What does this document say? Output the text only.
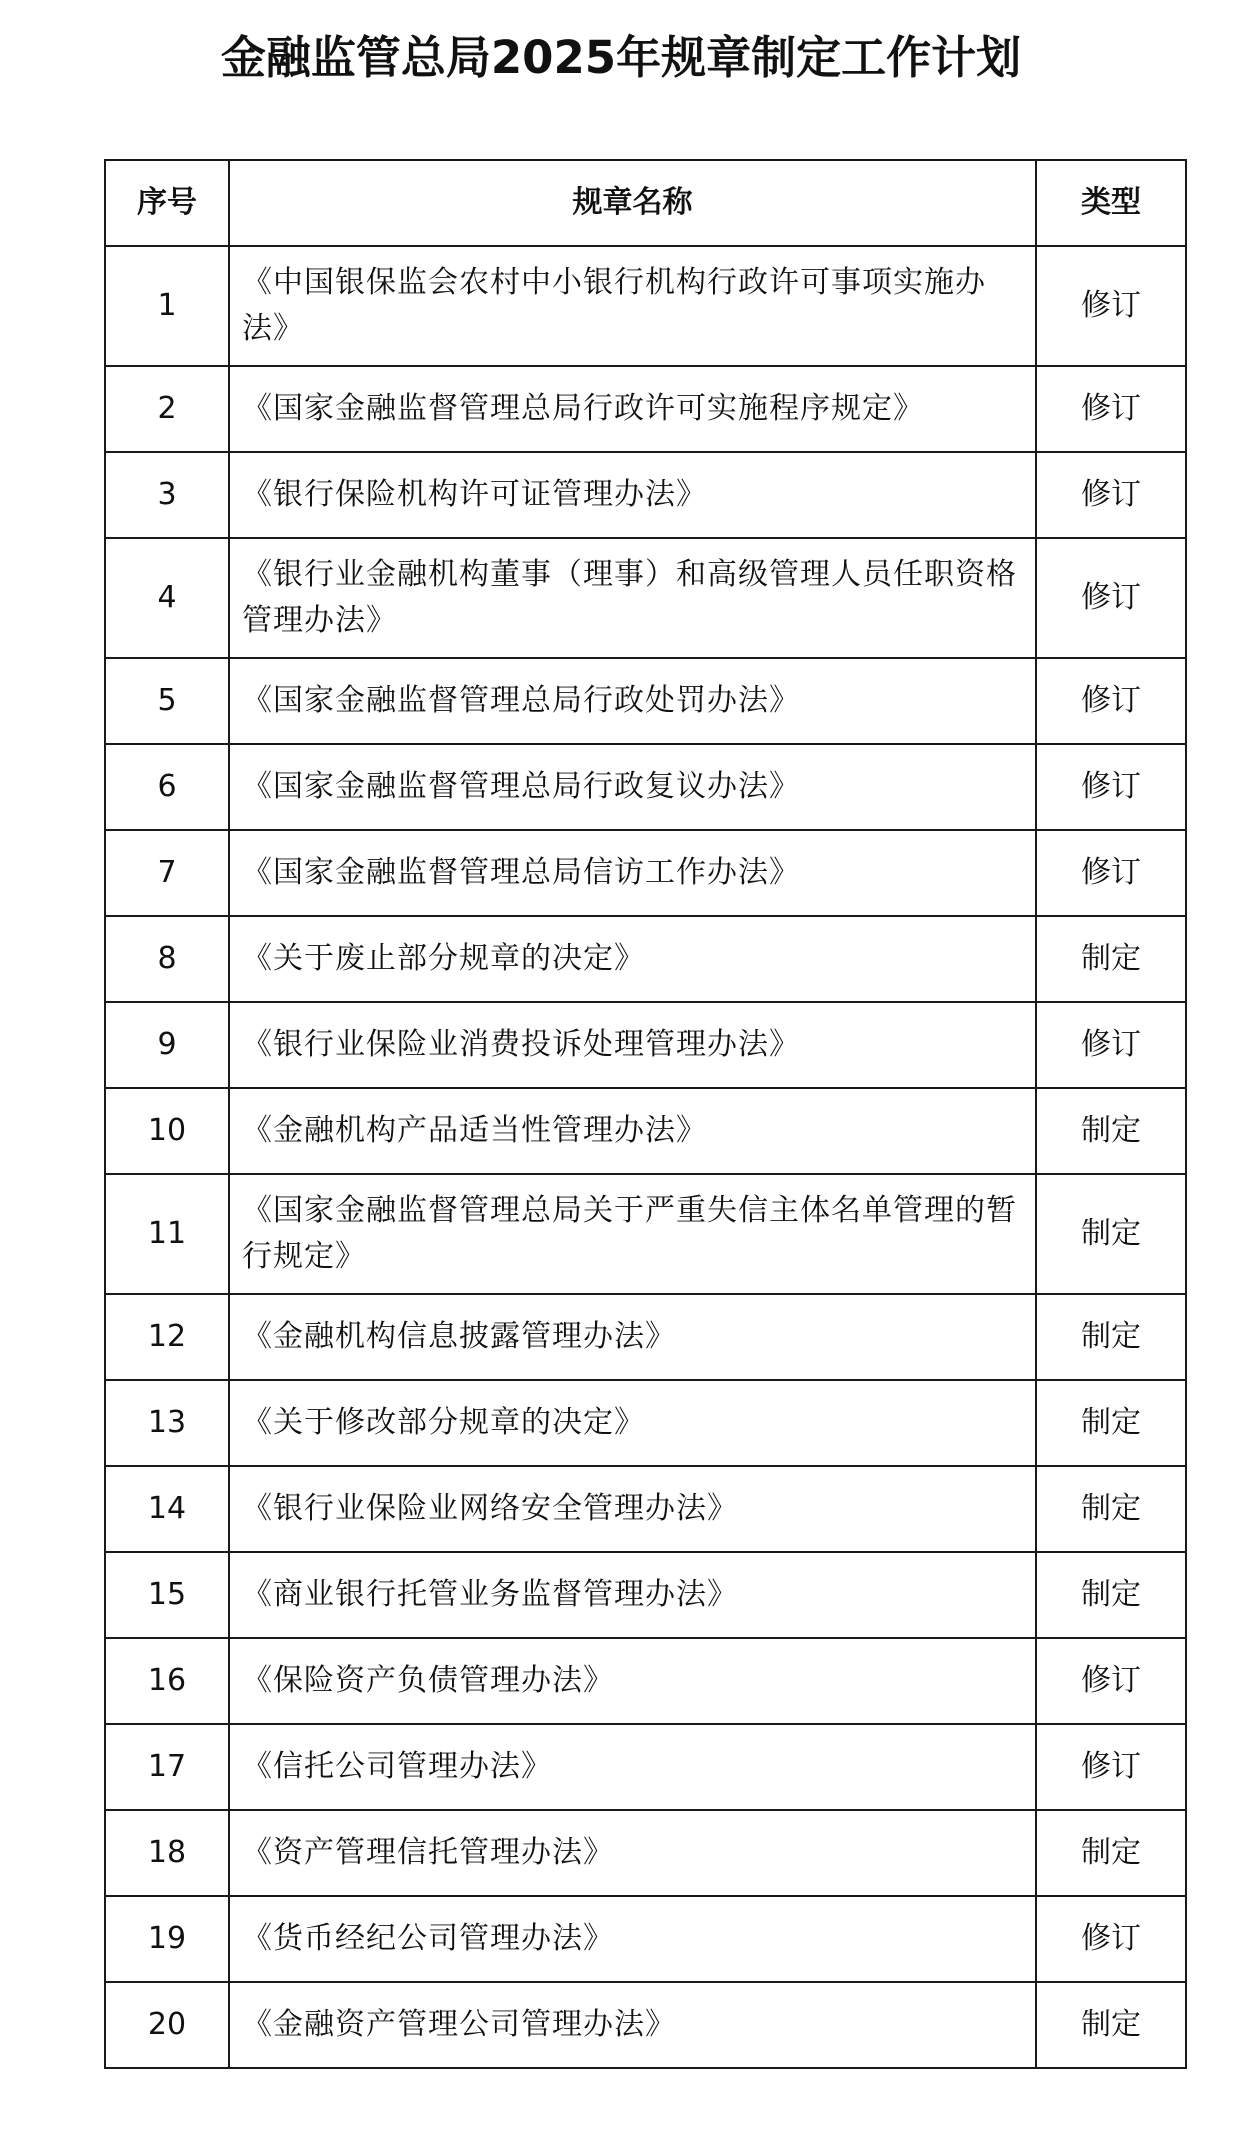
金融监管总局2025年规章制定工作计划
序号	规章名称	类型
1	《中国银保监会农村中小银行机构行政许可事项实施办法》	修订
2	《国家金融监督管理总局行政许可实施程序规定》	修订
3	《银行保险机构许可证管理办法》	修订
4	《银行业金融机构董事（理事）和高级管理人员任职资格管理办法》	修订
5	《国家金融监督管理总局行政处罚办法》	修订
6	《国家金融监督管理总局行政复议办法》	修订
7	《国家金融监督管理总局信访工作办法》	修订
8	《关于废止部分规章的决定》	制定
9	《银行业保险业消费投诉处理管理办法》	修订
10	《金融机构产品适当性管理办法》	制定
11	《国家金融监督管理总局关于严重失信主体名单管理的暂行规定》	制定
12	《金融机构信息披露管理办法》	制定
13	《关于修改部分规章的决定》	制定
14	《银行业保险业网络安全管理办法》	制定
15	《商业银行托管业务监督管理办法》	制定
16	《保险资产负债管理办法》	修订
17	《信托公司管理办法》	修订
18	《资产管理信托管理办法》	制定
19	《货币经纪公司管理办法》	修订
20	《金融资产管理公司管理办法》	制定
